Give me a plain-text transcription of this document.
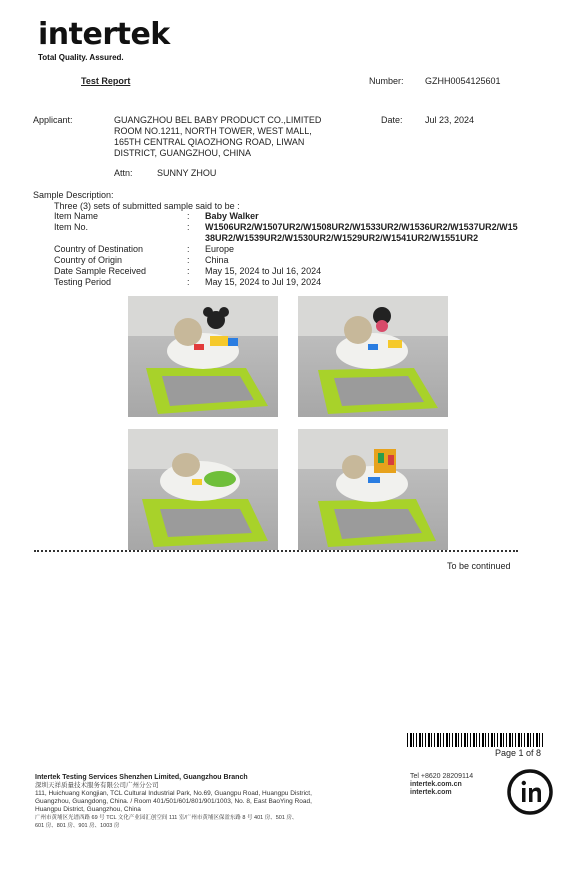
intertek
Total Quality. Assured.
Test Report	Number: GZHH0054125601
Applicant:	GUANGZHOU BEL BABY PRODUCT CO.,LIMITED
ROOM NO.1211, NORTH TOWER, WEST MALL,
165TH CENTRAL QIAOZHONG ROAD, LIWAN
DISTRICT, GUANGZHOU, CHINA
Date: Jul 23, 2024
Attn:	SUNNY ZHOU
Sample Description:
Three (3) sets of submitted sample said to be :
Item Name	: Baby Walker
Item No.	: W1506UR2/W1507UR2/W1508UR2/W1533UR2/W1536UR2/W1537UR2/W15
38UR2/W1539UR2/W1530UR2/W1529UR2/W1541UR2/W1551UR2
Country of Destination	: Europe
Country of Origin	: China
Date Sample Received	: May 15, 2024 to Jul 16, 2024
Testing Period	: May 15, 2024 to Jul 19, 2024
To be continued
Page 1 of 8
Intertek Testing Services Shenzhen Limited, Guangzhou Branch
深圳天祥质量技术服务有限公司广州分公司
111, Huichuang Kongjian, TCL Cultural Industrial Park, No.69, Guangpu Road, Huangpu District,
Guangzhou, Guangdong, China. / Room 401/501/601/801/901/1003, No. 8, East BaoYing Road,
Huangpu District, Guangzhou, China
广州市黄埔区光谱西路 69 号 TCL 文化产业园汇创空间 111 室/广州市黄埔区保盈东路 8 号 401 房、501 房、
601 房、801 房、901 房、1003 房
Tel +8620 28209114
intertek.com.cn
intertek.com
